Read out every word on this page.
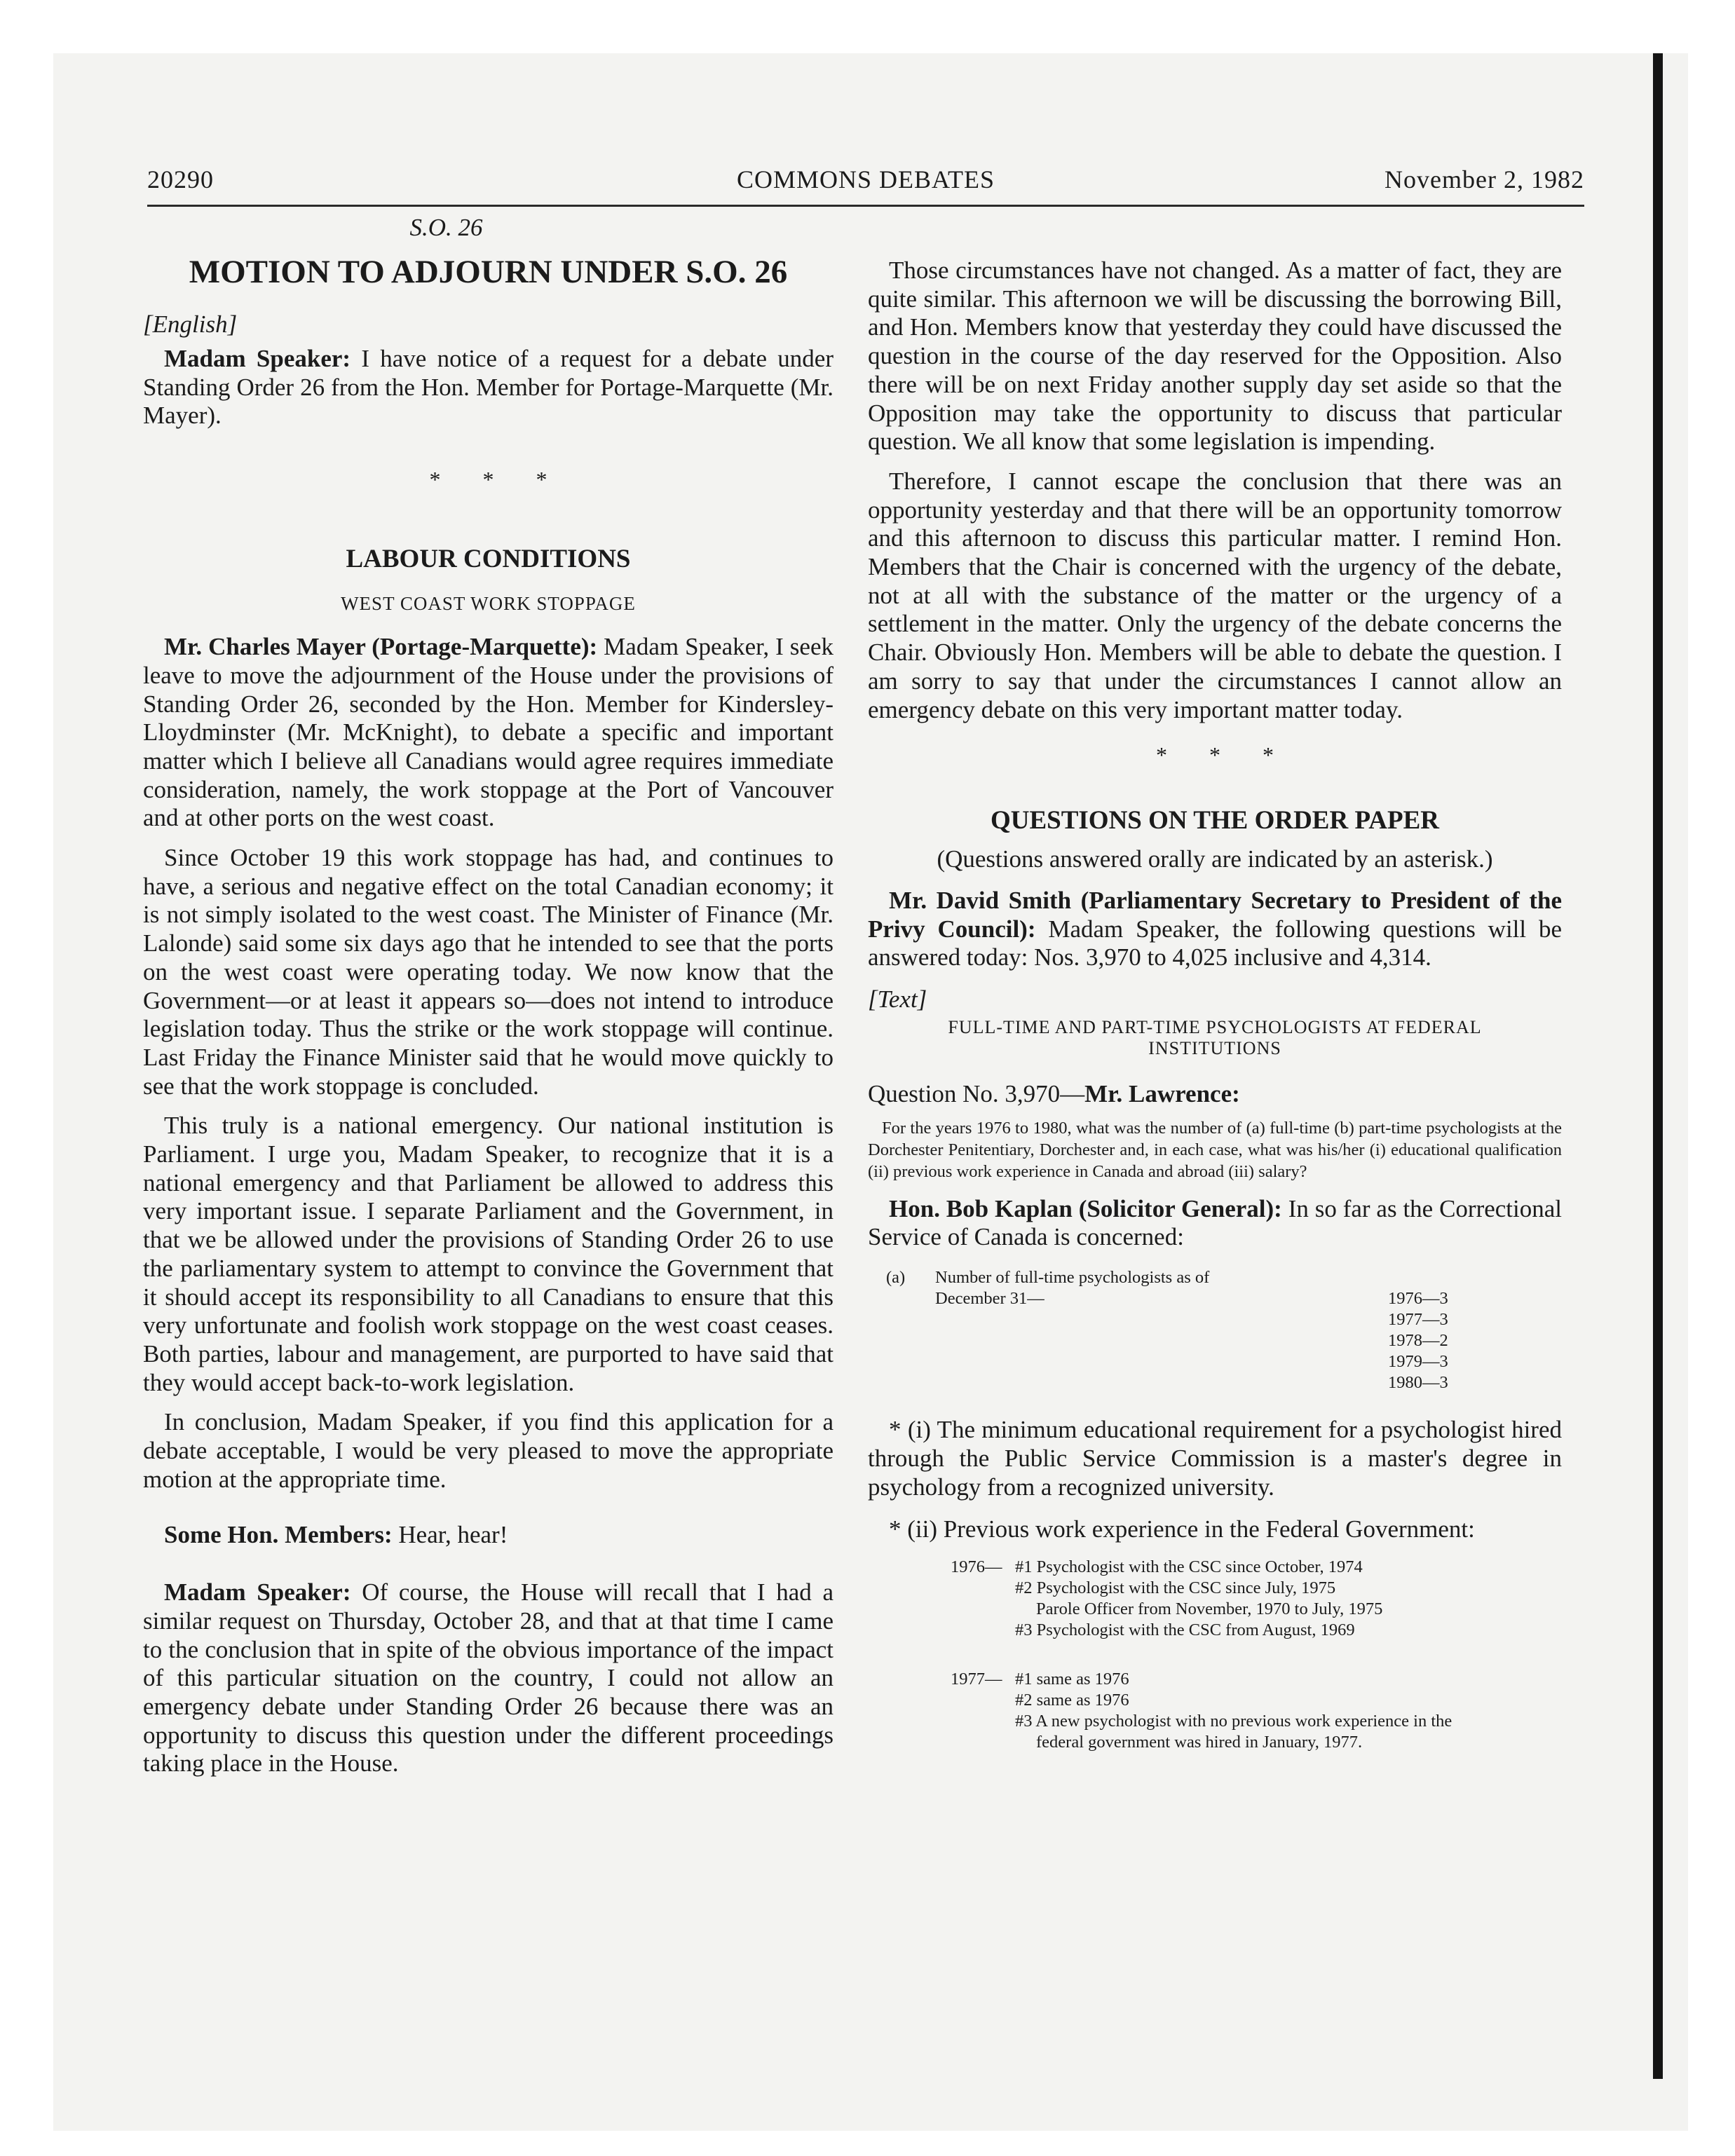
20290	COMMONS DEBATES	November 2, 1982

S.O. 26

MOTION TO ADJOURN UNDER S.O. 26

[English]

Madam Speaker: I have notice of a request for a debate under Standing Order 26 from the Hon. Member for Portage-Marquette (Mr. Mayer).

* * *

LABOUR CONDITIONS

WEST COAST WORK STOPPAGE

Mr. Charles Mayer (Portage-Marquette): Madam Speaker, I seek leave to move the adjournment of the House under the provisions of Standing Order 26, seconded by the Hon. Member for Kindersley-Lloydminster (Mr. McKnight), to debate a specific and important matter which I believe all Canadians would agree requires immediate consideration, namely, the work stoppage at the Port of Vancouver and at other ports on the west coast.

Since October 19 this work stoppage has had, and continues to have, a serious and negative effect on the total Canadian economy; it is not simply isolated to the west coast. The Minister of Finance (Mr. Lalonde) said some six days ago that he intended to see that the ports on the west coast were operating today. We now know that the Government—or at least it appears so—does not intend to introduce legislation today. Thus the strike or the work stoppage will continue. Last Friday the Finance Minister said that he would move quickly to see that the work stoppage is concluded.

This truly is a national emergency. Our national institution is Parliament. I urge you, Madam Speaker, to recognize that it is a national emergency and that Parliament be allowed to address this very important issue. I separate Parliament and the Government, in that we be allowed under the provisions of Standing Order 26 to use the parliamentary system to attempt to convince the Government that it should accept its responsibility to all Canadians to ensure that this very unfortunate and foolish work stoppage on the west coast ceases. Both parties, labour and management, are purported to have said that they would accept back-to-work legislation.

In conclusion, Madam Speaker, if you find this application for a debate acceptable, I would be very pleased to move the appropriate motion at the appropriate time.

Some Hon. Members: Hear, hear!

Madam Speaker: Of course, the House will recall that I had a similar request on Thursday, October 28, and that at that time I came to the conclusion that in spite of the obvious importance of the impact of this particular situation on the country, I could not allow an emergency debate under Standing Order 26 because there was an opportunity to discuss this question under the different proceedings taking place in the House.

Those circumstances have not changed. As a matter of fact, they are quite similar. This afternoon we will be discussing the borrowing Bill, and Hon. Members know that yesterday they could have discussed the question in the course of the day reserved for the Opposition. Also there will be on next Friday another supply day set aside so that the Opposition may take the opportunity to discuss that particular question. We all know that some legislation is impending.

Therefore, I cannot escape the conclusion that there was an opportunity yesterday and that there will be an opportunity tomorrow and this afternoon to discuss this particular matter. I remind Hon. Members that the Chair is concerned with the urgency of the debate, not at all with the substance of the matter or the urgency of a settlement in the matter. Only the urgency of the debate concerns the Chair. Obviously Hon. Members will be able to debate the question. I am sorry to say that under the circumstances I cannot allow an emergency debate on this very important matter today.

* * *

QUESTIONS ON THE ORDER PAPER

(Questions answered orally are indicated by an asterisk.)

Mr. David Smith (Parliamentary Secretary to President of the Privy Council): Madam Speaker, the following questions will be answered today: Nos. 3,970 to 4,025 inclusive and 4,314.

[Text]

FULL-TIME AND PART-TIME PSYCHOLOGISTS AT FEDERAL INSTITUTIONS

Question No. 3,970—Mr. Lawrence:

For the years 1976 to 1980, what was the number of (a) full-time (b) part-time psychologists at the Dorchester Penitentiary, Dorchester and, in each case, what was his/her (i) educational qualification (ii) previous work experience in Canada and abroad (iii) salary?

Hon. Bob Kaplan (Solicitor General): In so far as the Correctional Service of Canada is concerned:

(a) Number of full-time psychologists as of
December 31—	1976—3
1977—3
1978—2
1979—3
1980—3

* (i) The minimum educational requirement for a psychologist hired through the Public Service Commission is a master's degree in psychology from a recognized university.

* (ii) Previous work experience in the Federal Government:

1976— #1 Psychologist with the CSC since October, 1974
#2 Psychologist with the CSC since July, 1975
Parole Officer from November, 1970 to July, 1975
#3 Psychologist with the CSC from August, 1969
1977— #1 same as 1976
#2 same as 1976
#3 A new psychologist with no previous work experience in the
federal government was hired in January, 1977.
